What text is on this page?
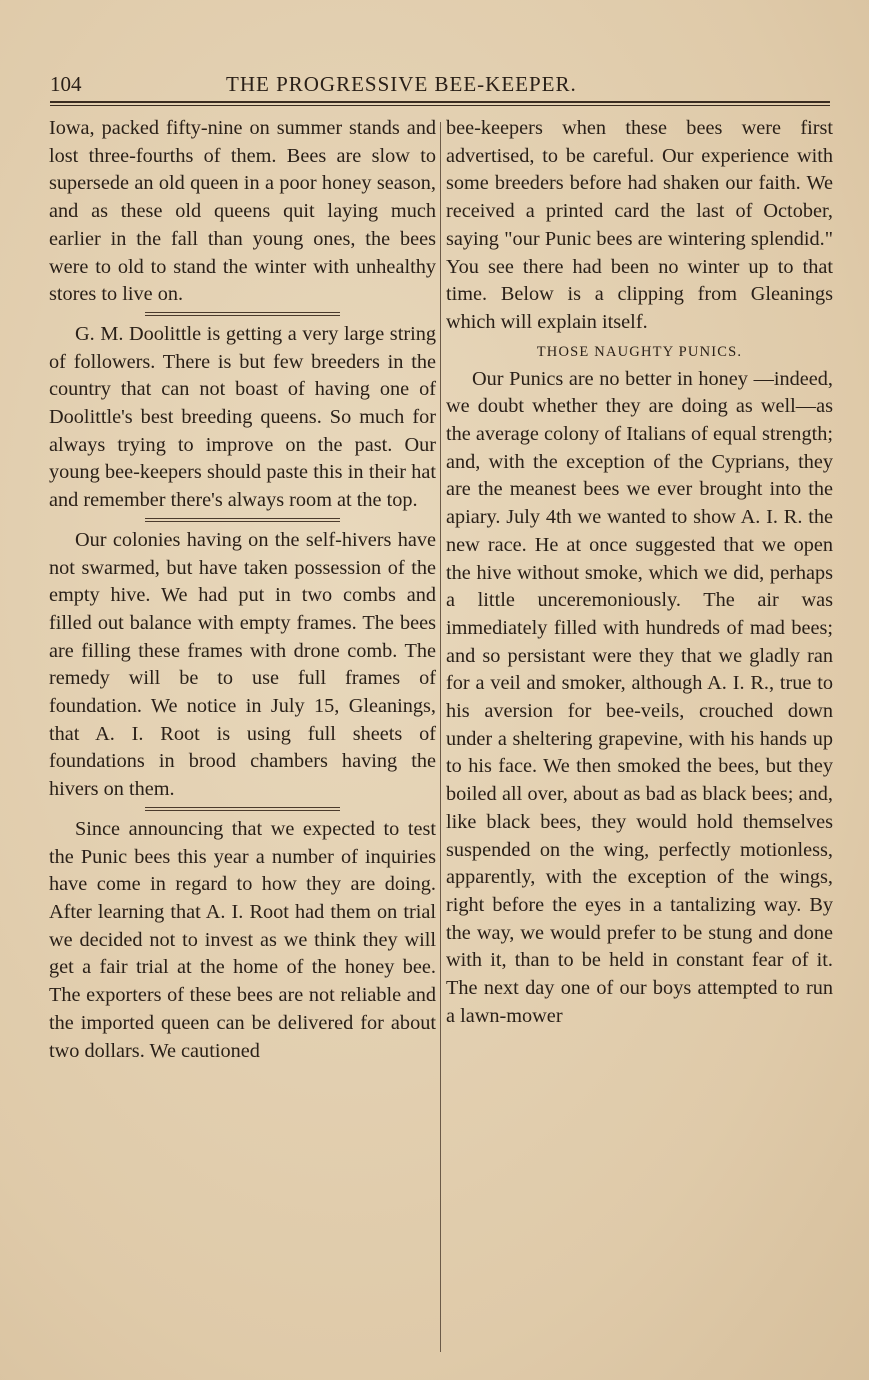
104	THE PROGRESSIVE BEE-KEEPER.

Iowa, packed fifty-nine on summer stands and lost three-fourths of them. Bees are slow to supersede an old queen in a poor honey season, and as these old queens quit laying much earlier in the fall than young ones, the bees were to old to stand the winter with unhealthy stores to live on.

G. M. Doolittle is getting a very large string of followers. There is but few breeders in the country that can not boast of having one of Doolittle's best breeding queens. So much for always trying to improve on the past. Our young bee-keepers should paste this in their hat and remember there's always room at the top.

Our colonies having on the self-hivers have not swarmed, but have taken possession of the empty hive. We had put in two combs and filled out balance with empty frames. The bees are filling these frames with drone comb. The remedy will be to use full frames of foundation. We notice in July 15, Gleanings, that A. I. Root is using full sheets of foundations in brood chambers having the hivers on them.

Since announcing that we expected to test the Punic bees this year a number of inquiries have come in regard to how they are doing. After learning that A. I. Root had them on trial we decided not to invest as we think they will get a fair trial at the home of the honey bee. The exporters of these bees are not reliable and the imported queen can be delivered for about two dollars. We cautioned

bee-keepers when these bees were first advertised, to be careful. Our experience with some breeders before had shaken our faith. We received a printed card the last of October, saying "our Punic bees are wintering splendid." You see there had been no winter up to that time. Below is a clipping from Gleanings which will explain itself.

THOSE NAUGHTY PUNICS.

Our Punics are no better in honey —indeed, we doubt whether they are doing as well—as the average colony of Italians of equal strength; and, with the exception of the Cyprians, they are the meanest bees we ever brought into the apiary. July 4th we wanted to show A. I. R. the new race. He at once suggested that we open the hive without smoke, which we did, perhaps a little unceremoniously. The air was immediately filled with hundreds of mad bees; and so persistant were they that we gladly ran for a veil and smoker, although A. I. R., true to his aversion for bee-veils, crouched down under a sheltering grapevine, with his hands up to his face. We then smoked the bees, but they boiled all over, about as bad as black bees; and, like black bees, they would hold themselves suspended on the wing, perfectly motionless, apparently, with the exception of the wings, right before the eyes in a tantalizing way. By the way, we would prefer to be stung and done with it, than to be held in constant fear of it. The next day one of our boys attempted to run a lawn-mower
